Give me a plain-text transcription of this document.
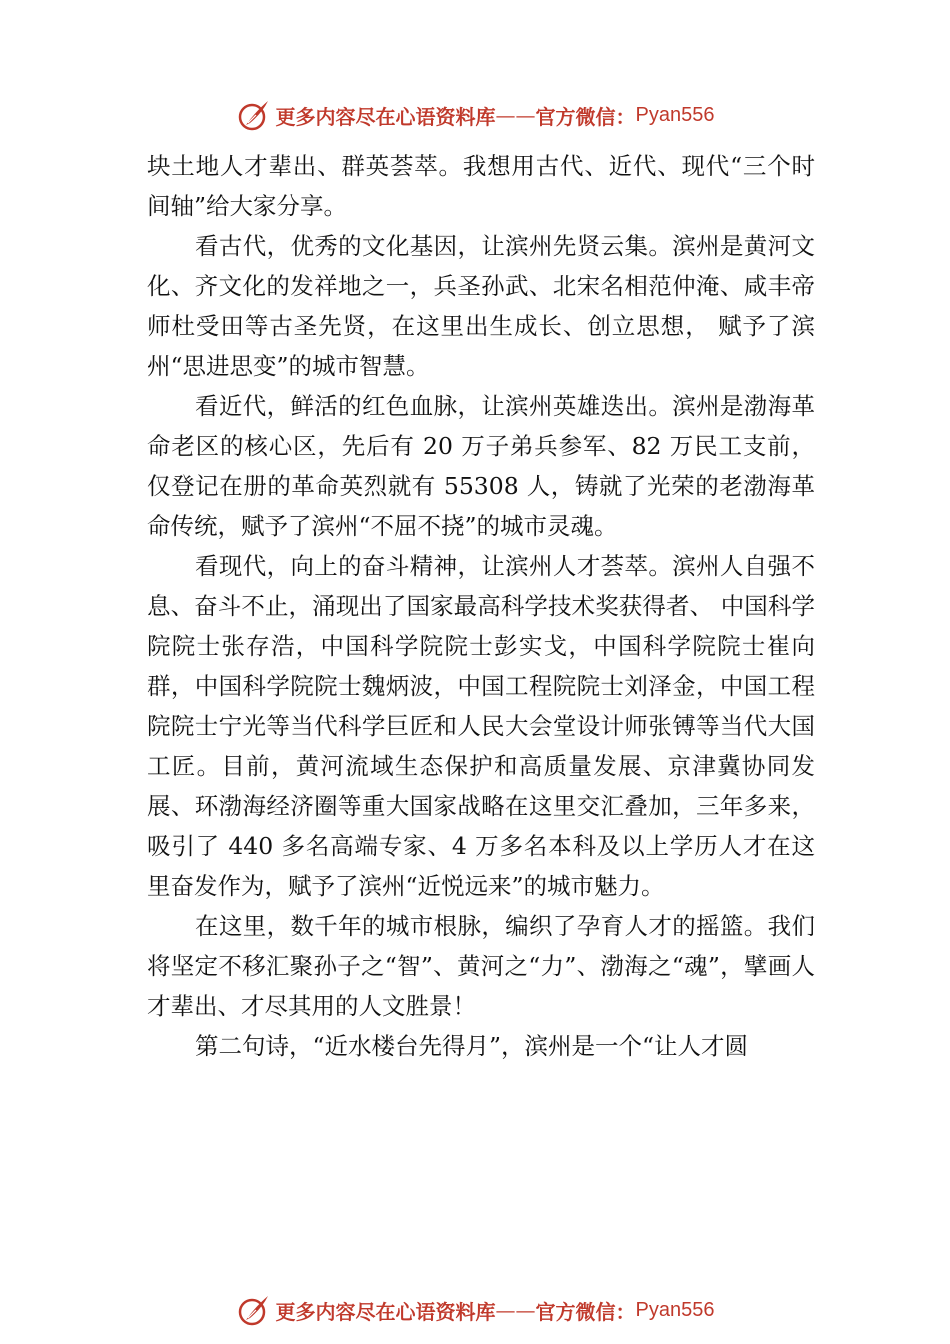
更多内容尽在心语资料库 —— 官方微信： Pyan556

块土地人才辈出、群英荟萃。我想用古代、近代、现代“三个时间轴”给大家分享。

看古代，优秀的文化基因，让滨州先贤云集。滨州是黄河文化、齐文化的发祥地之一，兵圣孙武、北宋名相范仲淹、咸丰帝师杜受田等古圣先贤，在这里出生成长、创立思想， 赋予了滨州“思进思变”的城市智慧。

看近代，鲜活的红色血脉，让滨州英雄迭出。滨州是渤海革命老区的核心区，先后有 20 万子弟兵参军、82 万民工支前，仅登记在册的革命英烈就有 55308 人，铸就了光荣的老渤海革命传统，赋予了滨州“不屈不挠”的城市灵魂。

看现代，向上的奋斗精神，让滨州人才荟萃。滨州人自强不息、奋斗不止，涌现出了国家最高科学技术奖获得者、 中国科学院院士张存浩，中国科学院院士彭实戈，中国科学院院士崔向群，中国科学院院士魏炳波，中国工程院院士刘泽金，中国工程院院士宁光等当代科学巨匠和人民大会堂设计师张镈等当代大国工匠。目前，黄河流域生态保护和高质量发展、京津冀协同发展、环渤海经济圈等重大国家战略在这里交汇叠加，三年多来，吸引了 440 多名高端专家、4 万多名本科及以上学历人才在这里奋发作为，赋予了滨州“近悦远来”的城市魅力。

在这里，数千年的城市根脉，编织了孕育人才的摇篮。我们将坚定不移汇聚孙子之“智”、黄河之“力”、渤海之“魂”，擘画人才辈出、才尽其用的人文胜景！

第二句诗，“近水楼台先得月”，滨州是一个“让人才圆

更多内容尽在心语资料库 —— 官方微信： Pyan556
